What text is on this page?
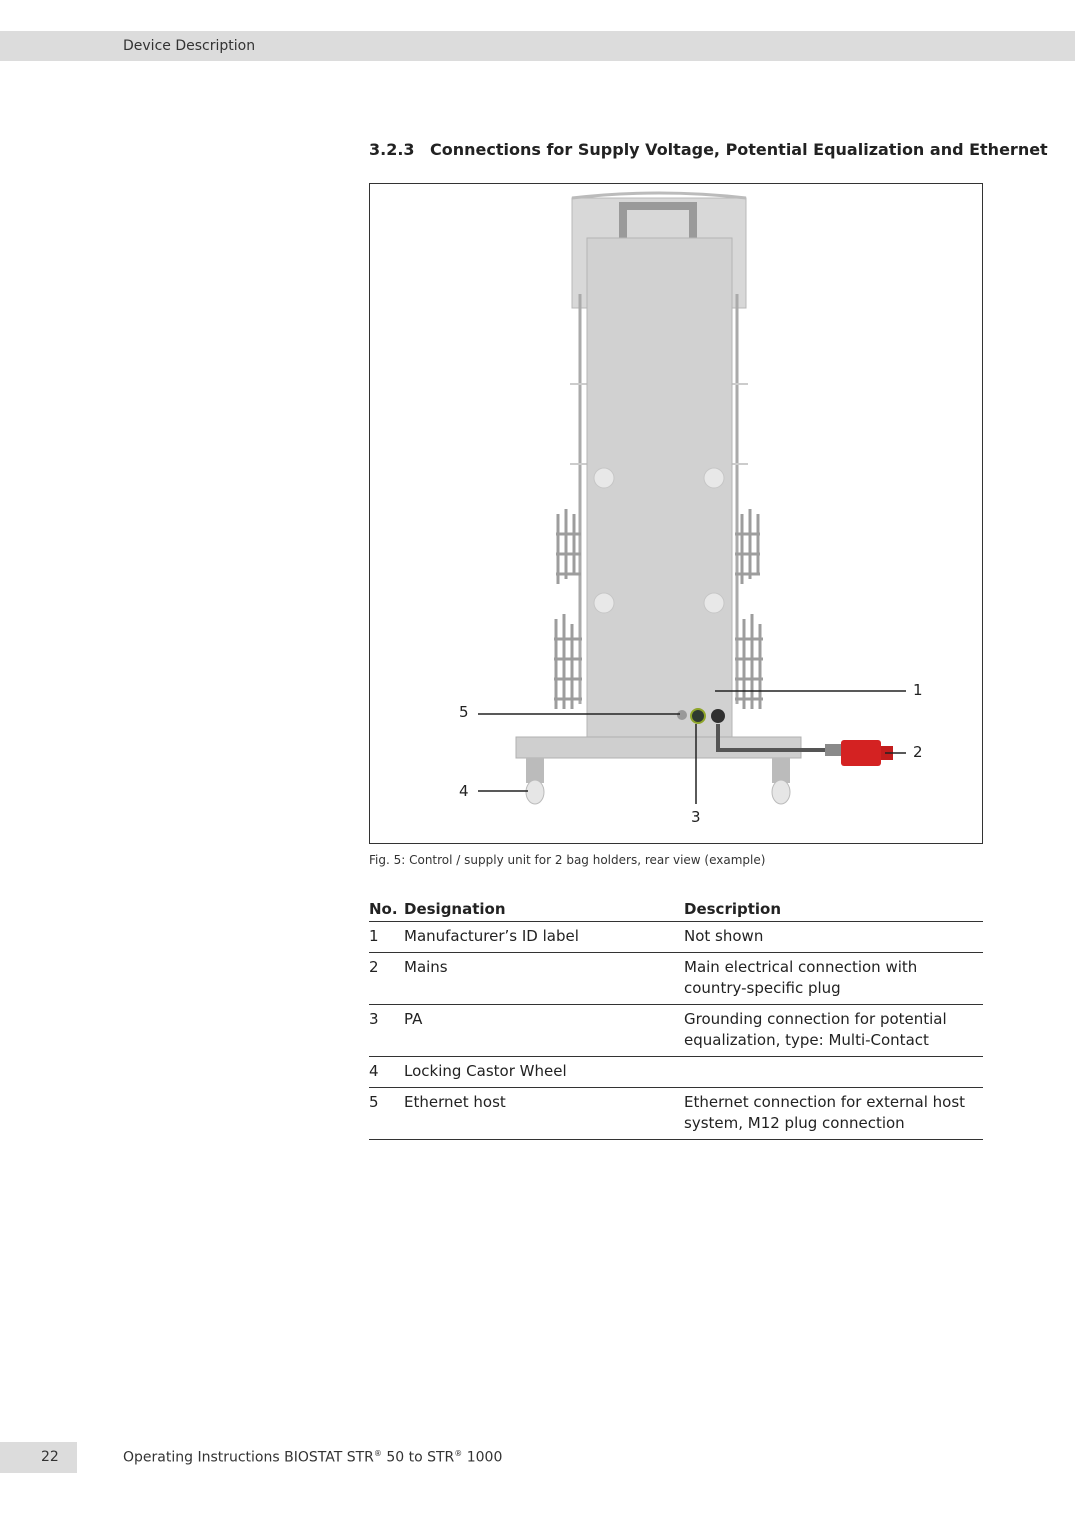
Device Description
3.2.3 Connections for Supply Voltage, Potential Equalization and Ethernet
1
2
3
4
5
Fig. 5: Control / supply unit for 2 bag holders, rear view (example)
No.	Designation	Description
1	Manufacturer’s ID label	Not shown
2	Mains	Main electrical connection with country-specific plug
3	PA	Grounding connection for potential equalization, type: Multi-Contact
4	Locking Castor Wheel	
5	Ethernet host	Ethernet connection for external host system, M12 plug connection
22	Operating Instructions BIOSTAT STR® 50 to STR® 1000
